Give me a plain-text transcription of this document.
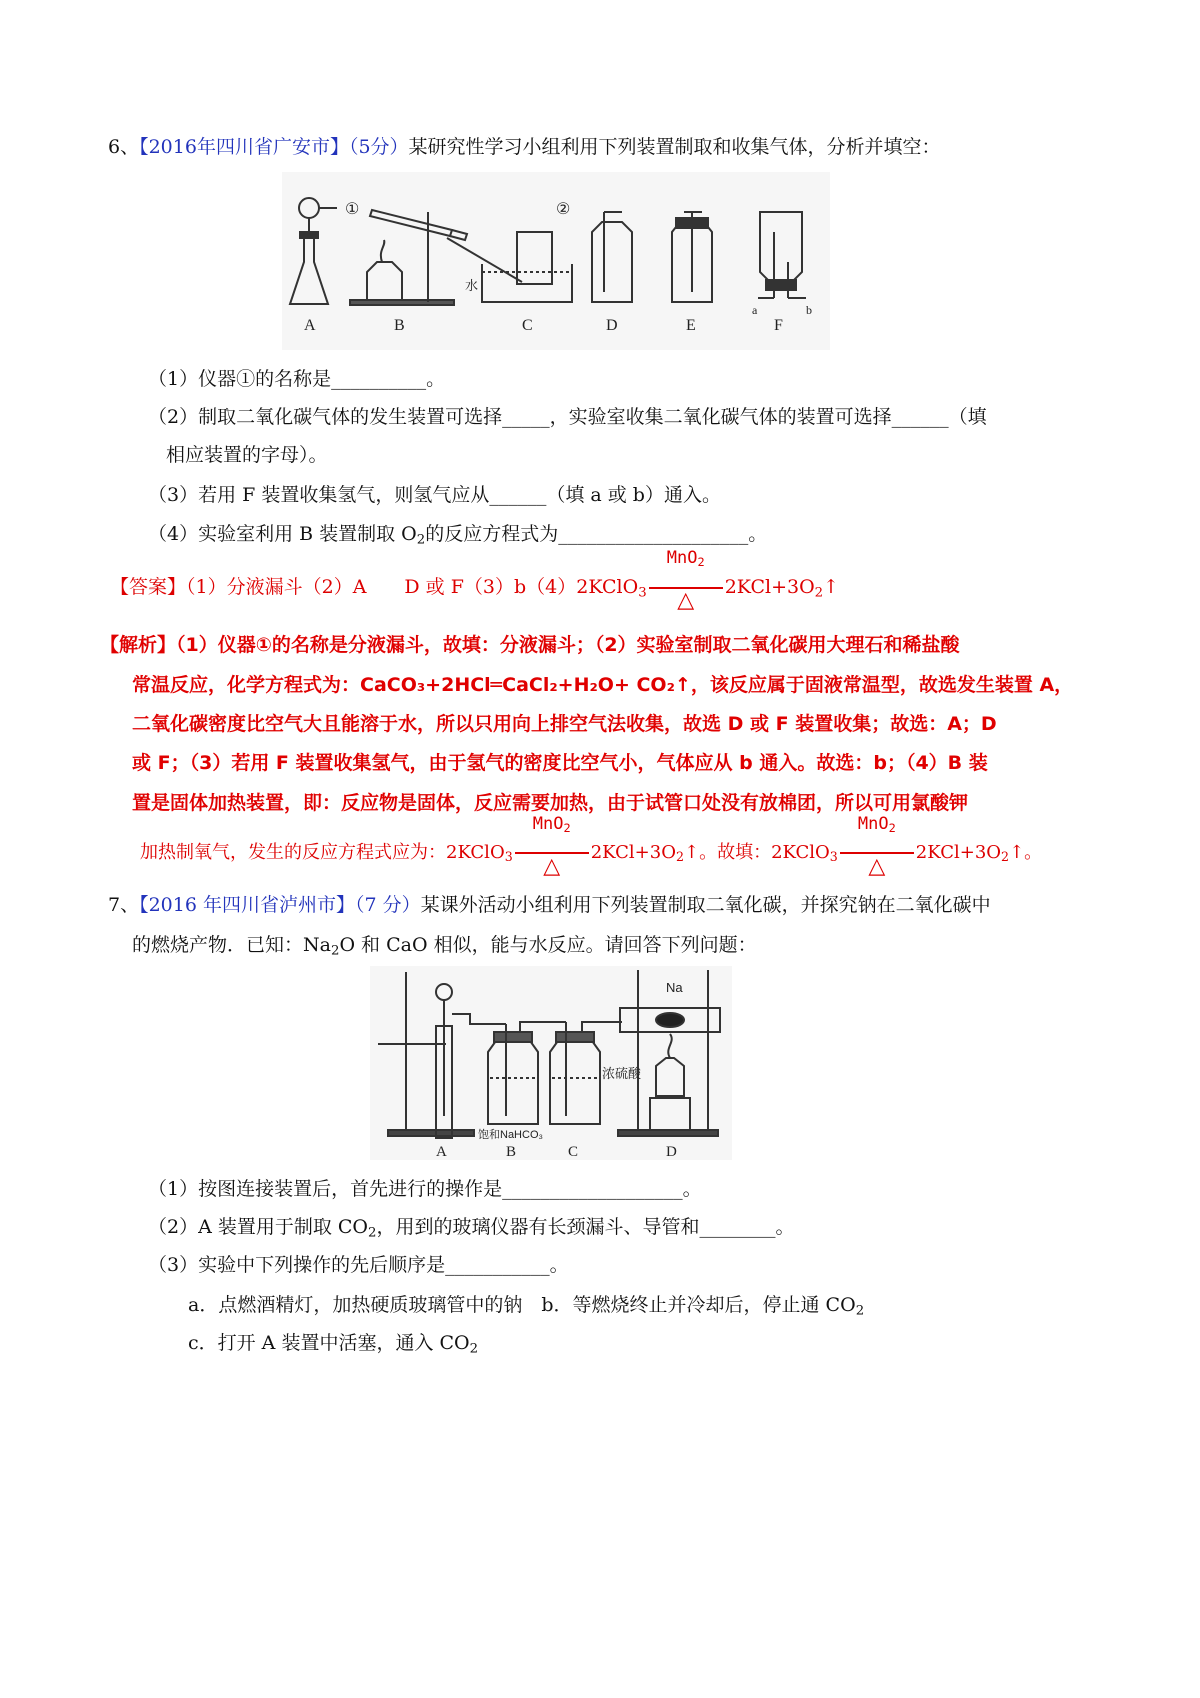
6、【2016年四川省广安市】（5分）某研究性学习小组利用下列装置制取和收集气体，分析并填空：
①	②
水
a	b
A	B	C	D	E	F
（1）仪器①的名称是__________。
（2）制取二氧化碳气体的发生装置可选择_____，实验室收集二氧化碳气体的装置可选择______（填
相应装置的字母）。
（3）若用 F 装置收集氢气，则氢气应从______（填 a 或 b）通入。
（4）实验室利用 B 装置制取 $O_2$的反应方程式为____________________。
【答案】（1）分液漏斗（2）A　　D 或 F（3）b（4）2KClO$_3$
MnO$_2$
△
$2KCl+3O_2↑$
【解析】（1）仪器①的名称是分液漏斗，故填：分液漏斗；（2）实验室制取二氧化碳用大理石和稀盐酸
常温反应，化学方程式为：CaCO₃+2HCl═CaCl₂+H₂O+ CO₂↑，该反应属于固液常温型，故选发生装置 A，
二氧化碳密度比空气大且能溶于水，所以只用向上排空气法收集，故选 D 或 F 装置收集；故选：A；D
或 F；（3）若用 F 装置收集氢气，由于氢气的密度比空气小，气体应从 b 通入。故选：b；（4）B 装
置是固体加热装置，即：反应物是固体，反应需要加热，由于试管口处没有放棉团，所以可用氯酸钾
加热制氧气，发生的反应方程式应为：2KClO$_3$
MnO$_2$
△
$2KCl+3O_2↑$。故填：2KClO$_3$
MnO$_2$
△
$2KCl+3O_2↑$。
7、【2016 年四川省泸州市】（7 分）某课外活动小组利用下列装置制取二氧化碳，并探究钠在二氧化碳中
的燃烧产物．已知：$Na_2O$ 和 CaO 相似，能与水反应。请回答下列问题：
Na
浓硫酸
饱和NaHCO₃
A	B	C	D
（1）按图连接装置后，首先进行的操作是___________________。
（2）A 装置用于制取 $CO_2$，用到的玻璃仪器有长颈漏斗、导管和________。
（3）实验中下列操作的先后顺序是___________。
a．点燃酒精灯，加热硬质玻璃管中的钠　 b．等燃烧终止并冷却后，停止通 $CO_2$
c．打开 A 装置中活塞，通入 $CO_2$
